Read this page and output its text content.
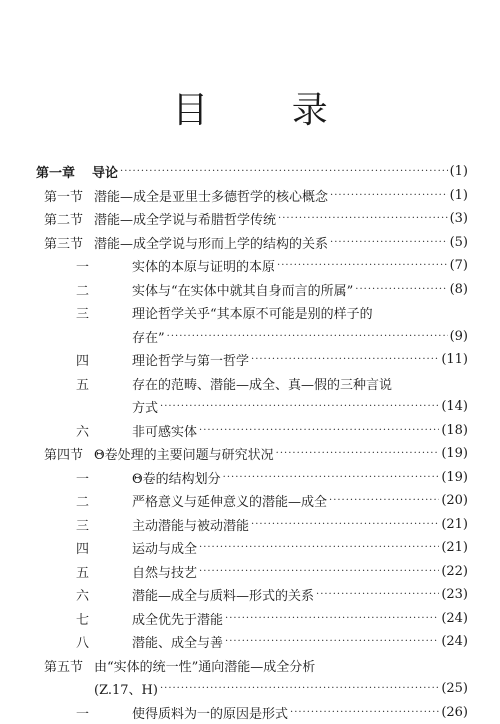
目 录
第一章	导论 ·····	(1)
第一节 潜能—成全是亚里士多德哲学的核心概念 ·····	(1)
第二节 潜能—成全学说与希腊哲学传统 ·····	(3)
第三节 潜能—成全学说与形而上学的结构的关系 ·····	(5)
一	实体的本原与证明的本原 ·····	(7)
二	实体与“在实体中就其自身而言的所属” ·····	(8)
三	理论哲学关乎“其本原不可能是别的样子的
存在” ·····	(9)
四	理论哲学与第一哲学 ·····	(11)
五	存在的范畴、潜能—成全、真—假的三种言说
方式 ·····	(14)
六	非可感实体 ·····	(18)
第四节 Θ卷处理的主要问题与研究状况 ·····	(19)
一	Θ卷的结构划分 ·····	(19)
二	严格意义与延伸意义的潜能—成全 ·····	(20)
三	主动潜能与被动潜能 ·····	(21)
四	运动与成全 ·····	(21)
五	自然与技艺 ·····	(22)
六	潜能—成全与质料—形式的关系 ·····	(23)
七	成全优先于潜能 ·····	(24)
八	潜能、成全与善 ·····	(24)
第五节 由“实体的统一性”通向潜能—成全分析
(Z.17、H) ·····	(25)
一	使得质料为一的原因是形式 ·····	(26)
